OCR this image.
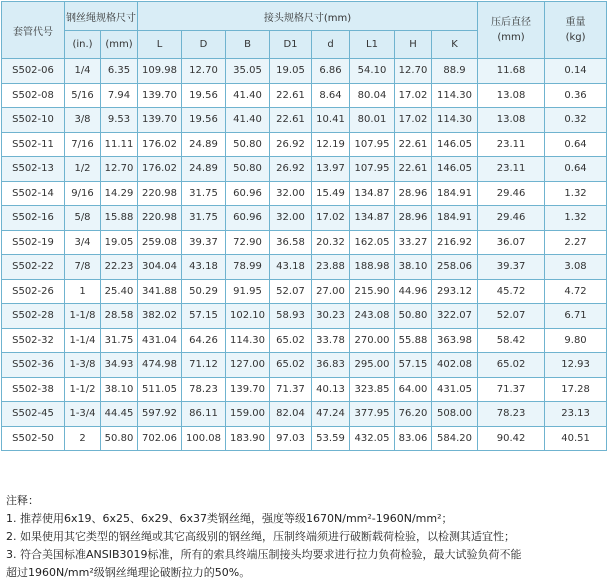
套管代号	钢丝绳规格尺寸		接头规格尺寸(mm)								压后直径
(mm)	重量
(kg)
	(in.)	(mm)	L	D	B	D1	d	L1	H	K		
S502-06	1/4	6.35	109.98	12.70	35.05	19.05	6.86	54.10	12.70	88.9	11.68	0.14
S502-08	5/16	7.94	139.70	19.56	41.40	22.61	8.64	80.04	17.02	114.30	13.08	0.36
S502-10	3/8	9.53	139.70	19.56	41.40	22.61	10.41	80.01	17.02	114.30	13.08	0.32
S502-11	7/16	11.11	176.02	24.89	50.80	26.92	12.19	107.95	22.61	146.05	23.11	0.64
S502-13	1/2	12.70	176.02	24.89	50.80	26.92	13.97	107.95	22.61	146.05	23.11	0.64
S502-14	9/16	14.29	220.98	31.75	60.96	32.00	15.49	134.87	28.96	184.91	29.46	1.32
S502-16	5/8	15.88	220.98	31.75	60.96	32.00	17.02	134.87	28.96	184.91	29.46	1.32
S502-19	3/4	19.05	259.08	39.37	72.90	36.58	20.32	162.05	33.27	216.92	36.07	2.27
S502-22	7/8	22.23	304.04	43.18	78.99	43.18	23.88	188.98	38.10	258.06	39.37	3.08
S502-26	1	25.40	341.88	50.29	91.95	52.07	27.00	215.90	44.96	293.12	45.72	4.72
S502-28	1-1/8	28.58	382.02	57.15	102.10	58.93	30.23	243.08	50.80	322.07	52.07	6.71
S502-32	1-1/4	31.75	431.04	64.26	114.30	65.02	33.78	270.00	55.88	363.98	58.42	9.80
S502-36	1-3/8	34.93	474.98	71.12	127.00	65.02	36.83	295.00	57.15	402.08	65.02	12.93
S502-38	1-1/2	38.10	511.05	78.23	139.70	71.37	40.13	323.85	64.00	431.05	71.37	17.28
S502-45	1-3/4	44.45	597.92	86.11	159.00	82.04	47.24	377.95	76.20	508.00	78.23	23.13
S502-50	2	50.80	702.06	100.08	183.90	97.03	53.59	432.05	83.06	584.20	90.42	40.51
注释：
1. 推荐使用6x19、6x25、6x29、6x37类钢丝绳，强度等级1670N/mm²-1960N/mm²；
2. 如果使用其它类型的钢丝绳或其它高级别的钢丝绳，压制终端须进行破断载荷检验，以检测其适宜性；
3. 符合美国标准ANSIB3019标准，所有的索具终端压制接头均要求进行拉力负荷检验，最大试验负荷不能
超过1960N/mm²级钢丝绳理论破断拉力的50%。
